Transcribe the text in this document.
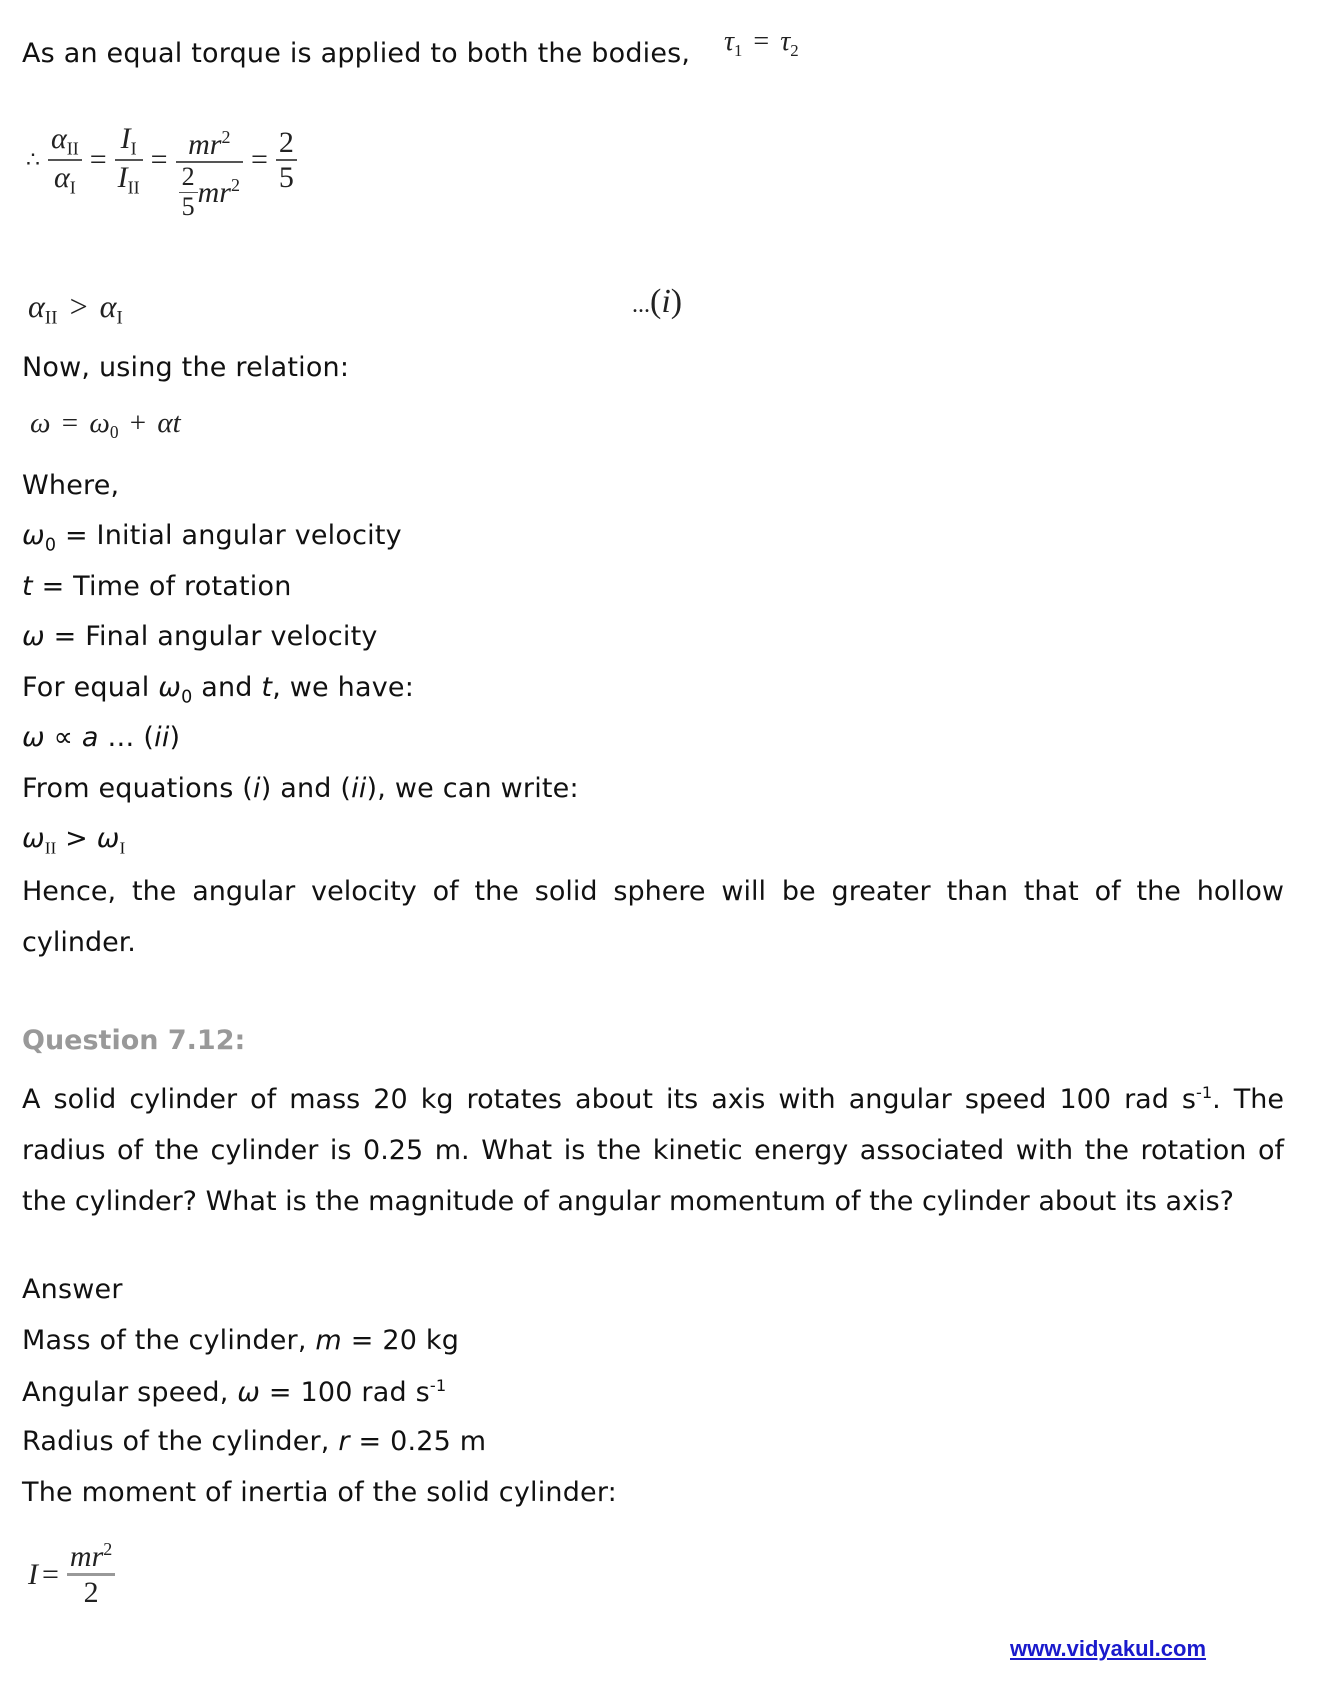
As an equal torque is applied to both the bodies, $\tau_1 = \tau_2$
∴ $\frac{\alpha_{II}}{\alpha_I} = \frac{I_I}{I_{II}} = \frac{mr^2}{\frac{2}{5} mr^2} = \frac{2}{5}$
$\alpha_{II} > \alpha_I$
...(i)
Now, using the relation:
$\omega = \omega_0 + \alpha t$
Where,
$\omega_0$ = Initial angular velocity
t = Time of rotation
ω = Final angular velocity
For equal $\omega_0$ and t, we have:
ω ∝ a … (ii)
From equations (i) and (ii), we can write:
$\omega_{II} > \omega_I$
Hence, the angular velocity of the solid sphere will be greater than that of the hollow cylinder.
Question 7.12:
A solid cylinder of mass 20 kg rotates about its axis with angular speed 100 rad $s^{-1}$. The radius of the cylinder is 0.25 m. What is the kinetic energy associated with the rotation of the cylinder? What is the magnitude of angular momentum of the cylinder about its axis?
Answer
Mass of the cylinder, m = 20 kg
Angular speed, ω = 100 rad $s^{-1}$
Radius of the cylinder, r = 0.25 m
The moment of inertia of the solid cylinder:
$I = \frac{mr^2}{2}$
www.vidyakul.com
